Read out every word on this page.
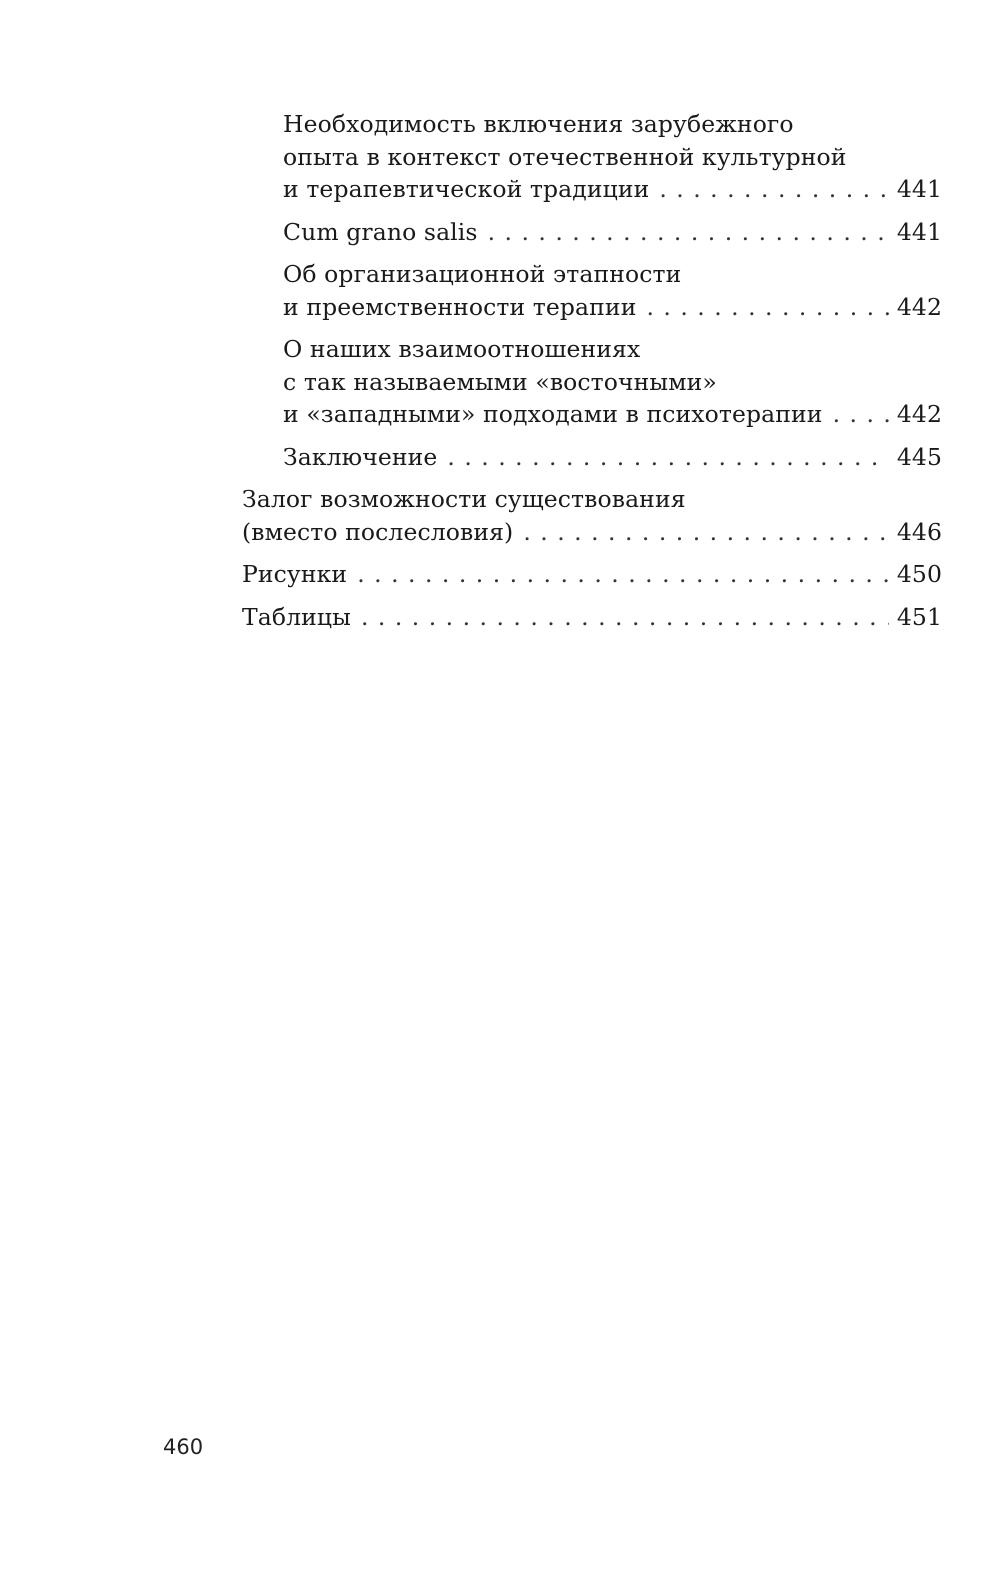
Необходимость включения зарубежного
опыта в контекст отечественной культурной
и терапевтической традиции . . .	441
Cum grano salis . . .	441
Об организационной этапности
и преемственности терапии . . .	442
О наших взаимоотношениях
с так называемыми «восточными»
и «западными» подходами в психотерапии . . .	442
Заключение . . .	445
Залог возможности существования
(вместо послесловия) . . .	446
Рисунки . . .	450
Таблицы . . .	451
460
